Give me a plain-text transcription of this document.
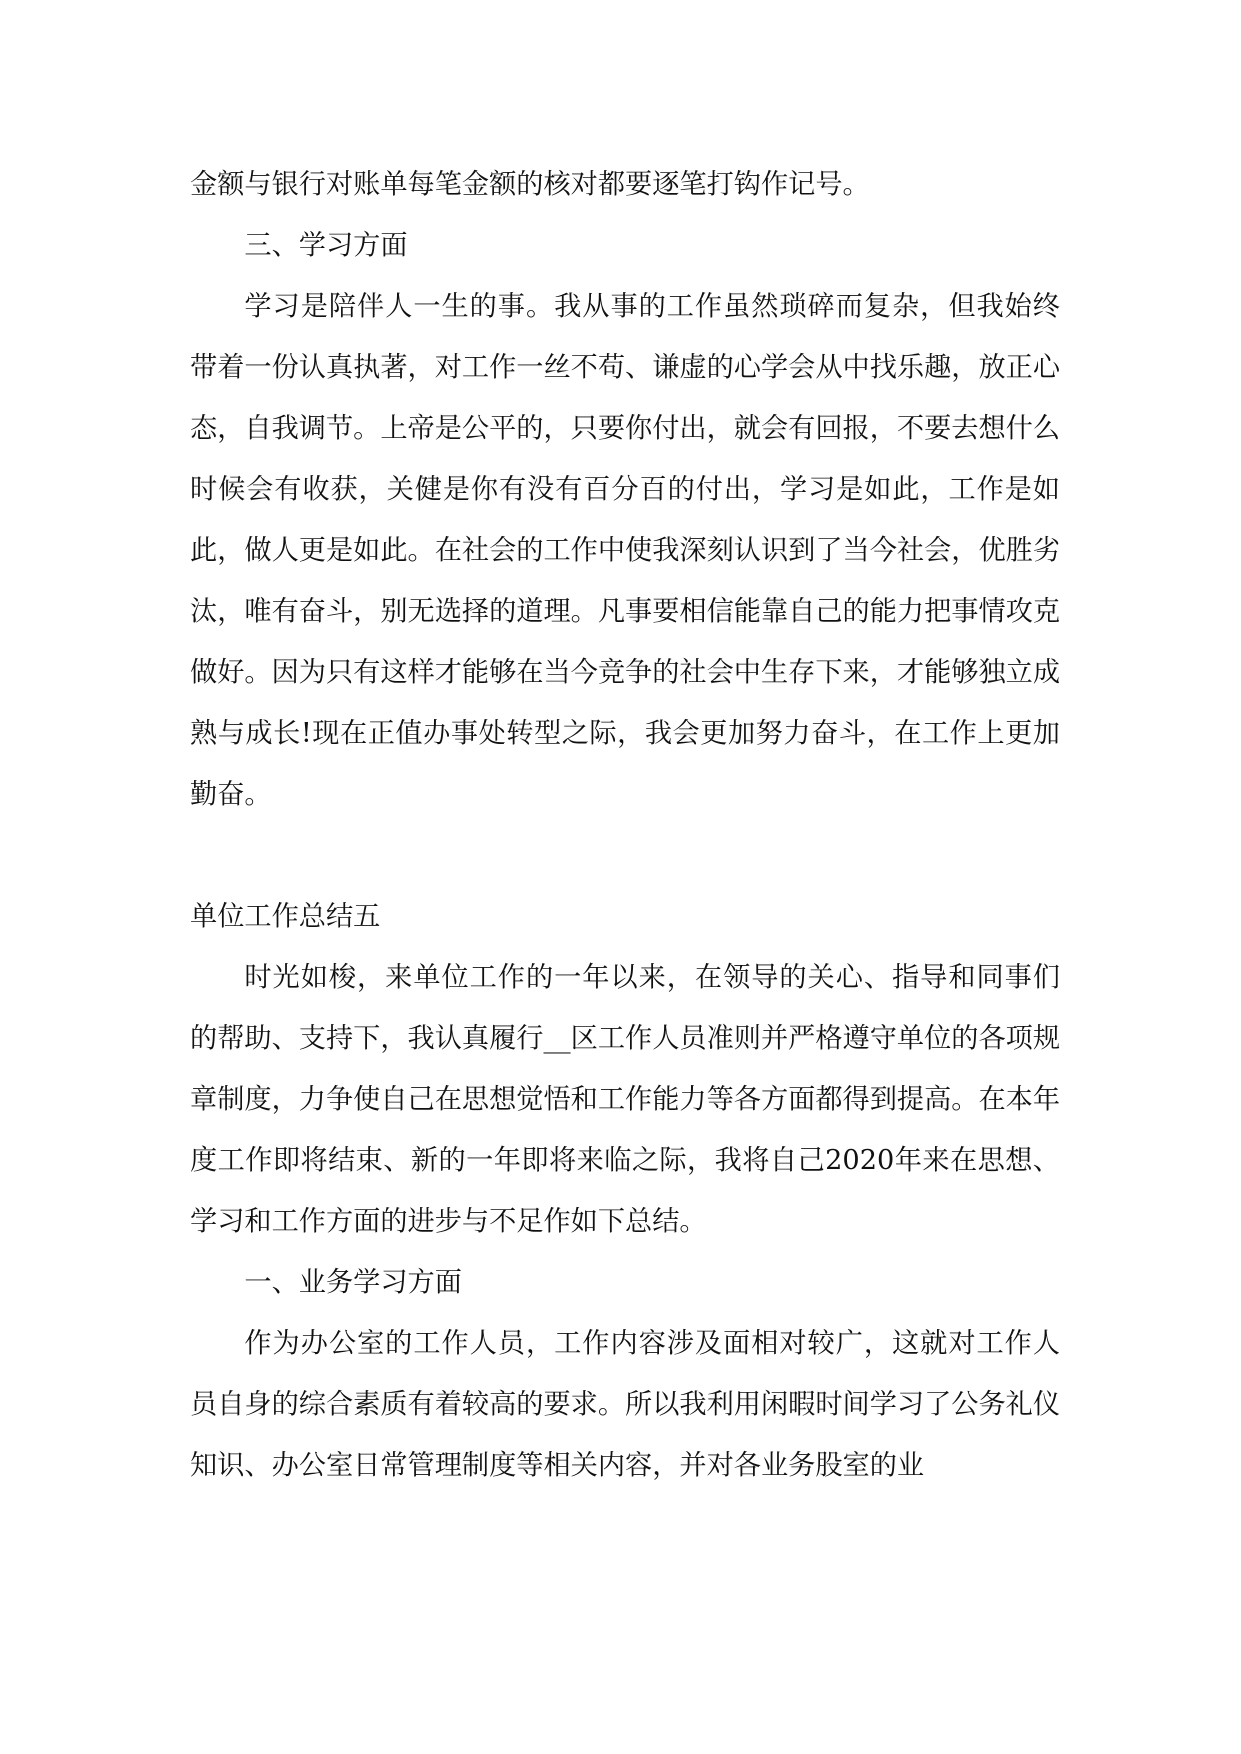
金额与银行对账单每笔金额的核对都要逐笔打钩作记号。

三、学习方面

学习是陪伴人一生的事。我从事的工作虽然琐碎而复杂，但我始终带着一份认真执著，对工作一丝不苟、谦虚的心学会从中找乐趣，放正心态，自我调节。上帝是公平的，只要你付出，就会有回报，不要去想什么时候会有收获，关健是你有没有百分百的付出，学习是如此，工作是如此，做人更是如此。在社会的工作中使我深刻认识到了当今社会，优胜劣汰，唯有奋斗，别无选择的道理。凡事要相信能靠自己的能力把事情攻克做好。因为只有这样才能够在当今竞争的社会中生存下来，才能够独立成熟与成长!现在正值办事处转型之际，我会更加努力奋斗，在工作上更加勤奋。

单位工作总结五

时光如梭，来单位工作的一年以来，在领导的关心、指导和同事们的帮助、支持下，我认真履行__区工作人员准则并严格遵守单位的各项规章制度，力争使自己在思想觉悟和工作能力等各方面都得到提高。在本年度工作即将结束、新的一年即将来临之际，我将自己2020年来在思想、学习和工作方面的进步与不足作如下总结。

一、业务学习方面

作为办公室的工作人员，工作内容涉及面相对较广，这就对工作人员自身的综合素质有着较高的要求。所以我利用闲暇时间学习了公务礼仪知识、办公室日常管理制度等相关内容，并对各业务股室的业
